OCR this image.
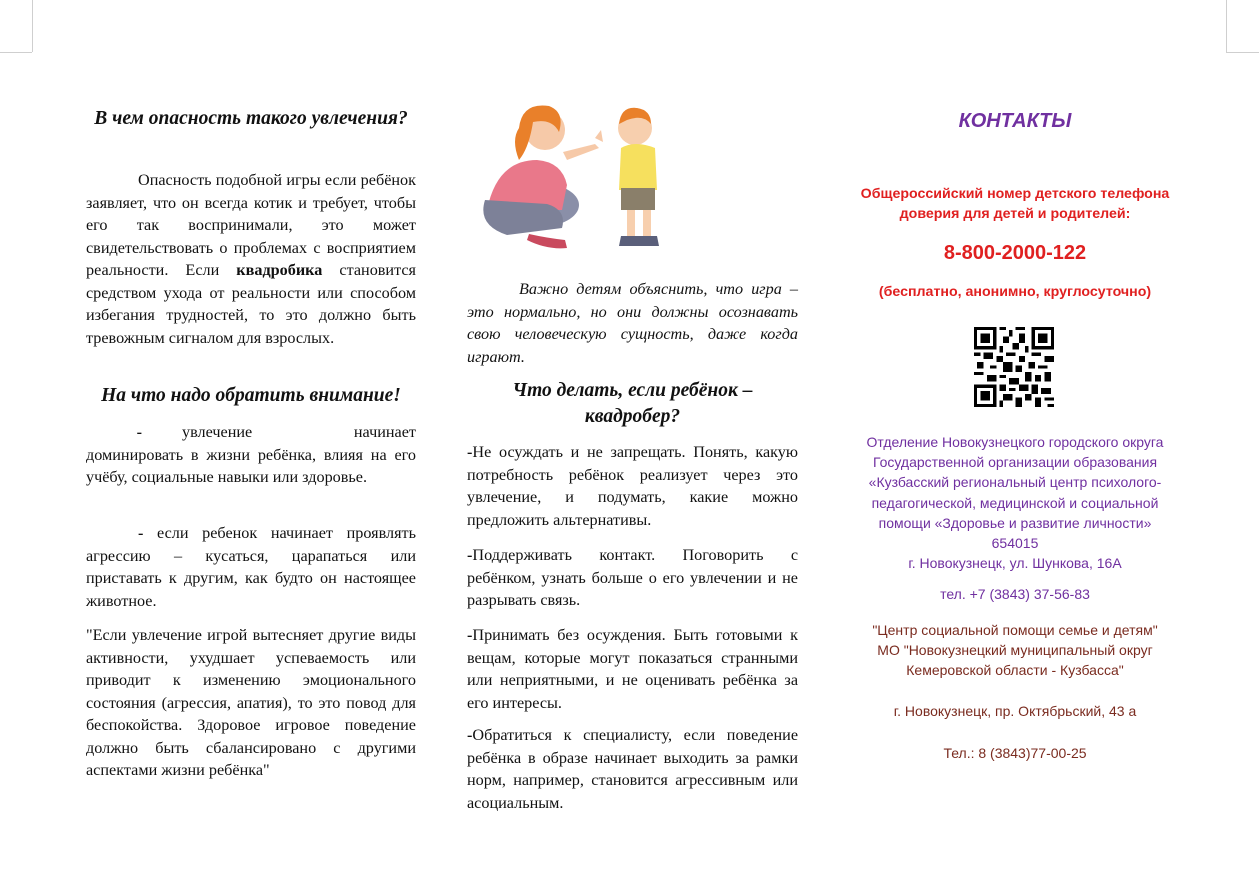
В чем опасность такого увлечения?

Опасность подобной игры если ребёнок заявляет, что он всегда котик и требует, чтобы его так воспринимали, это может свидетельствовать о проблемах с восприятием реальности. Если квадробика становится средством ухода от реальности или способом избегания трудностей, то это должно быть тревожным сигналом для взрослых.

На что надо обратить внимание!

- увлечение начинает доминировать в жизни ребёнка, влияя на его учёбу, социальные навыки или здоровье.

- если ребенок начинает проявлять агрессию – кусаться, царапаться или приставать к другим, как будто он настоящее животное.

"Если увлечение игрой вытесняет другие виды активности, ухудшает успеваемость или приводит к изменению эмоционального состояния (агрессия, апатия), то это повод для беспокойства. Здоровое игровое поведение должно быть сбалансировано с другими аспектами жизни ребёнка"

Важно детям объяснить, что игра – это нормально, но они должны осознавать свою человеческую сущность, даже когда играют.

Что делать, если ребёнок – квадробер?

-Не осуждать и не запрещать. Понять, какую потребность ребёнок реализует через это увлечение, и подумать, какие можно предложить альтернативы.

-Поддерживать контакт. Поговорить с ребёнком, узнать больше о его увлечении и не разрывать связь.

-Принимать без осуждения. Быть готовыми к вещам, которые могут показаться странными или неприятными, и не оценивать ребёнка за его интересы.

-Обратиться к специалисту, если поведение ребёнка в образе начинает выходить за рамки норм, например, становится агрессивным или асоциальным.

КОНТАКТЫ
Общероссийский номер детского телефона
доверия для детей и родителей:
8-800-2000-122
(бесплатно, анонимно, круглосуточно)
Отделение Новокузнецкого городского округа
Государственной организации образования
«Кузбасский региональный центр психолого-
педагогической, медицинской и социальной
помощи «Здоровье и развитие личности»
654015
г. Новокузнецк, ул. Шункова, 16А
тел. +7 (3843) 37-56-83
"Центр социальной помощи семье и детям"
МО "Новокузнецкий муниципальный округ
Кемеровской области - Кузбасса"
г. Новокузнецк, пр. Октябрьский, 43 а
Тел.: 8 (3843)77-00-25
